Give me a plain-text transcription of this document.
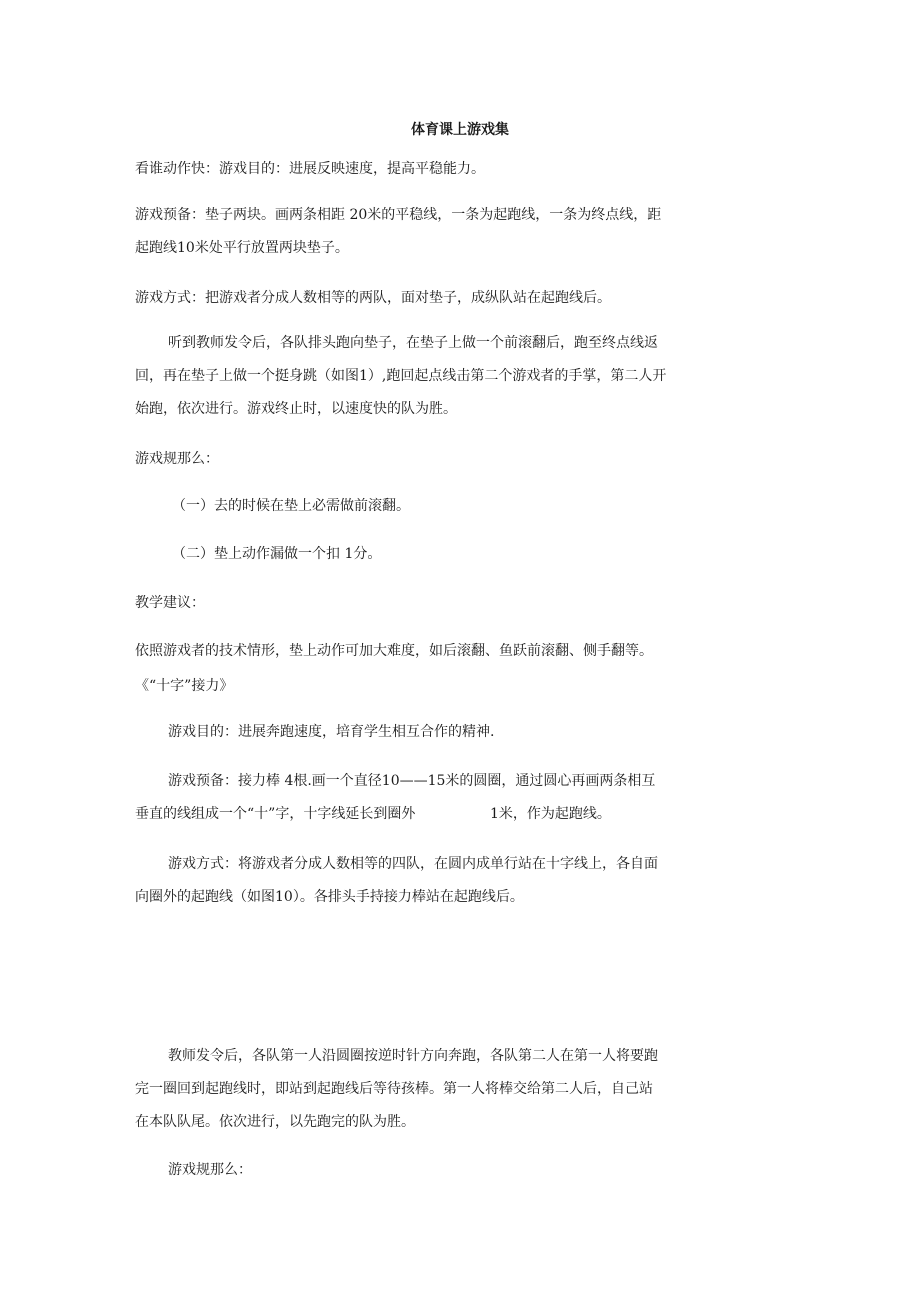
体育课上游戏集

看谁动作快：游戏目的：进展反映速度，提高平稳能力。

游戏预备：垫子两块。画两条相距 20米的平稳线，一条为起跑线，一条为终点线，距

起跑线10米处平行放置两块垫子。

游戏方式：把游戏者分成人数相等的两队，面对垫子，成纵队站在起跑线后。

听到教师发令后，各队排头跑向垫子，在垫子上做一个前滚翻后，跑至终点线返

回，再在垫子上做一个挺身跳（如图1）,跑回起点线击第二个游戏者的手掌，第二人开

始跑，依次进行。游戏终止时，以速度快的队为胜。

游戏规那么：

（一）去的时候在垫上必需做前滚翻。

（二）垫上动作漏做一个扣 1分。

教学建议：

依照游戏者的技术情形，垫上动作可加大难度，如后滚翻、鱼跃前滚翻、侧手翻等。

《“十字”接力》

游戏目的：进展奔跑速度，培育学生相互合作的精神.

游戏预备：接力棒 4根.画一个直径10——15米的圆圈，通过圆心再画两条相互

垂直的线组成一个“十”字，十字线延长到圈外	1米，作为起跑线。

游戏方式：将游戏者分成人数相等的四队，在圆内成单行站在十字线上，各自面

向圈外的起跑线（如图10）。各排头手持接力棒站在起跑线后。

教师发令后，各队第一人沿圆圈按逆时针方向奔跑，各队第二人在第一人将要跑

完一圈回到起跑线时，即站到起跑线后等待孩棒。第一人将棒交给第二人后，自己站

在本队队尾。依次进行，以先跑完的队为胜。

游戏规那么：
